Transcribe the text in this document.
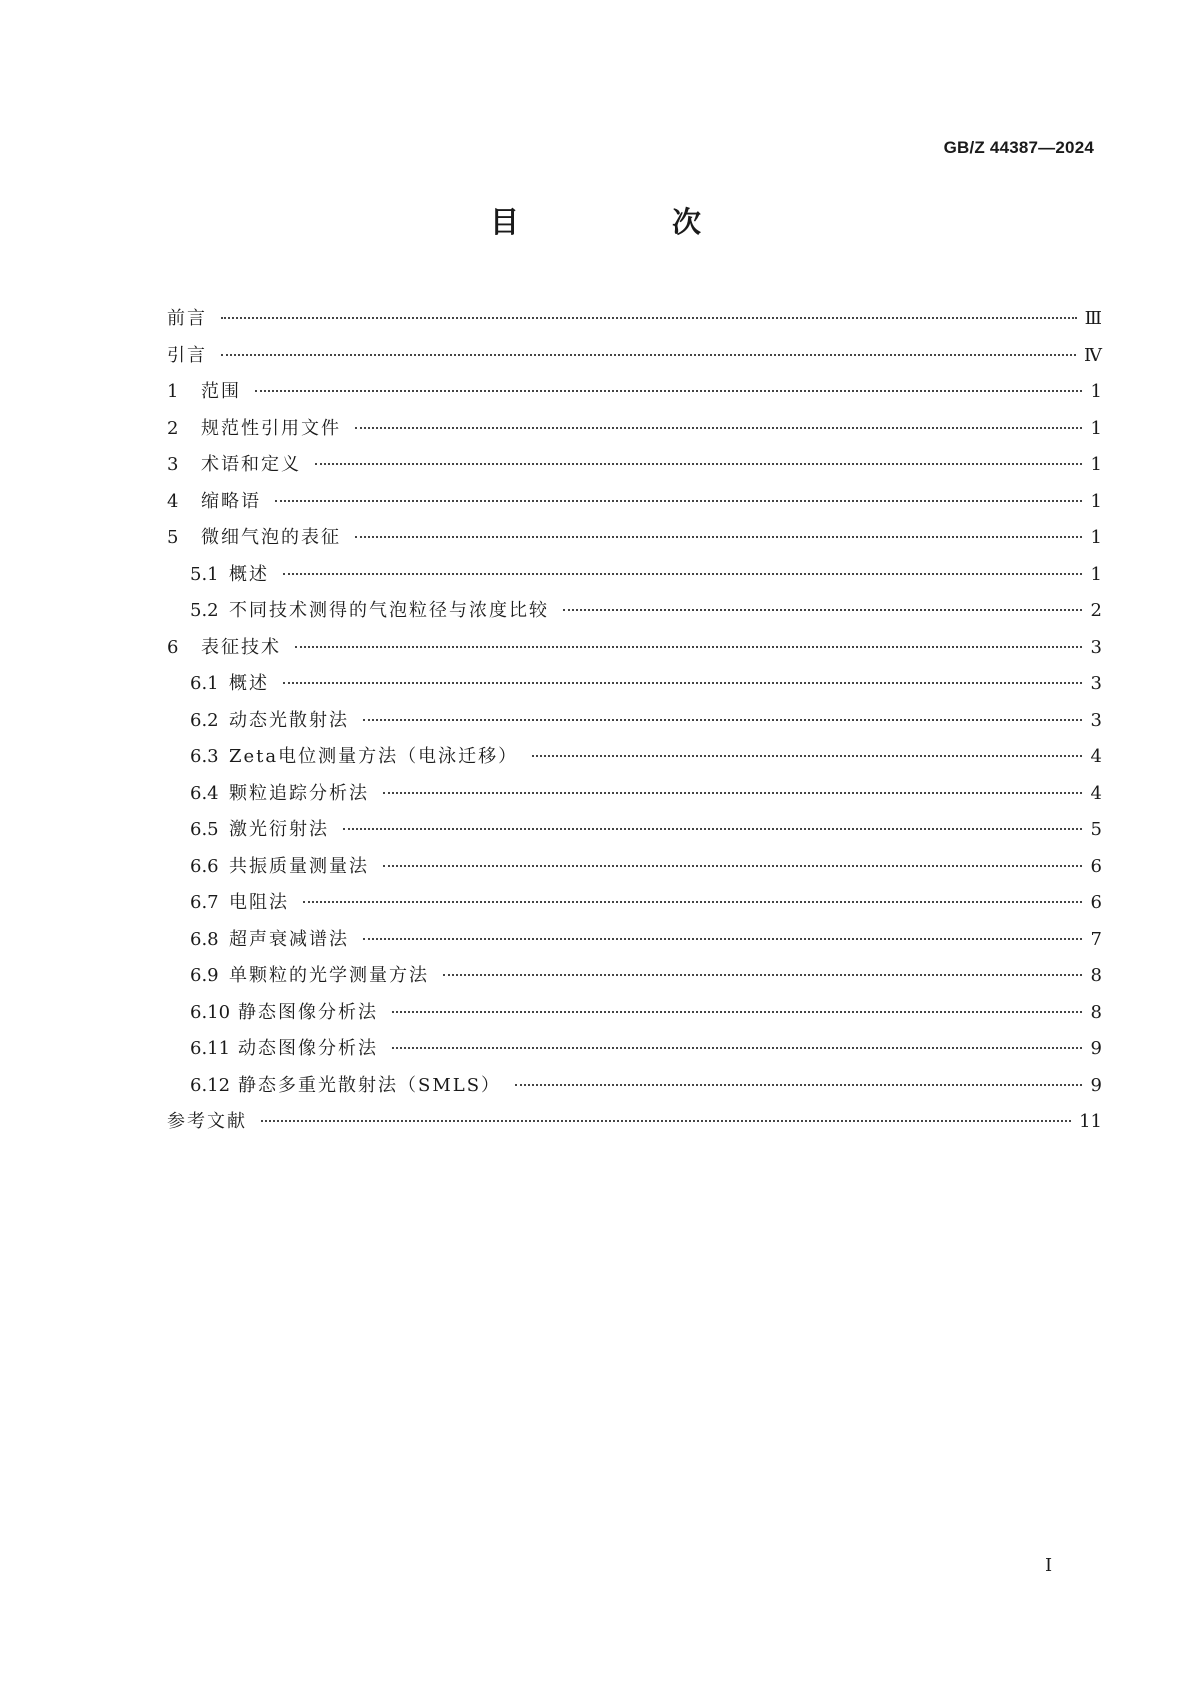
GB/Z 44387—2024
目　次
前言	Ⅲ
引言	Ⅳ
1	范围	1
2	规范性引用文件	1
3	术语和定义	1
4	缩略语	1
5	微细气泡的表征	1
5.1 概述	1
5.2 不同技术测得的气泡粒径与浓度比较	2
6	表征技术	3
6.1 概述	3
6.2 动态光散射法	3
6.3 Zeta电位测量方法（电泳迁移）	4
6.4 颗粒追踪分析法	4
6.5 激光衍射法	5
6.6 共振质量测量法	6
6.7 电阻法	6
6.8 超声衰减谱法	7
6.9 单颗粒的光学测量方法	8
6.10 静态图像分析法	8
6.11 动态图像分析法	9
6.12 静态多重光散射法（SMLS）	9
参考文献	11
Ⅰ
